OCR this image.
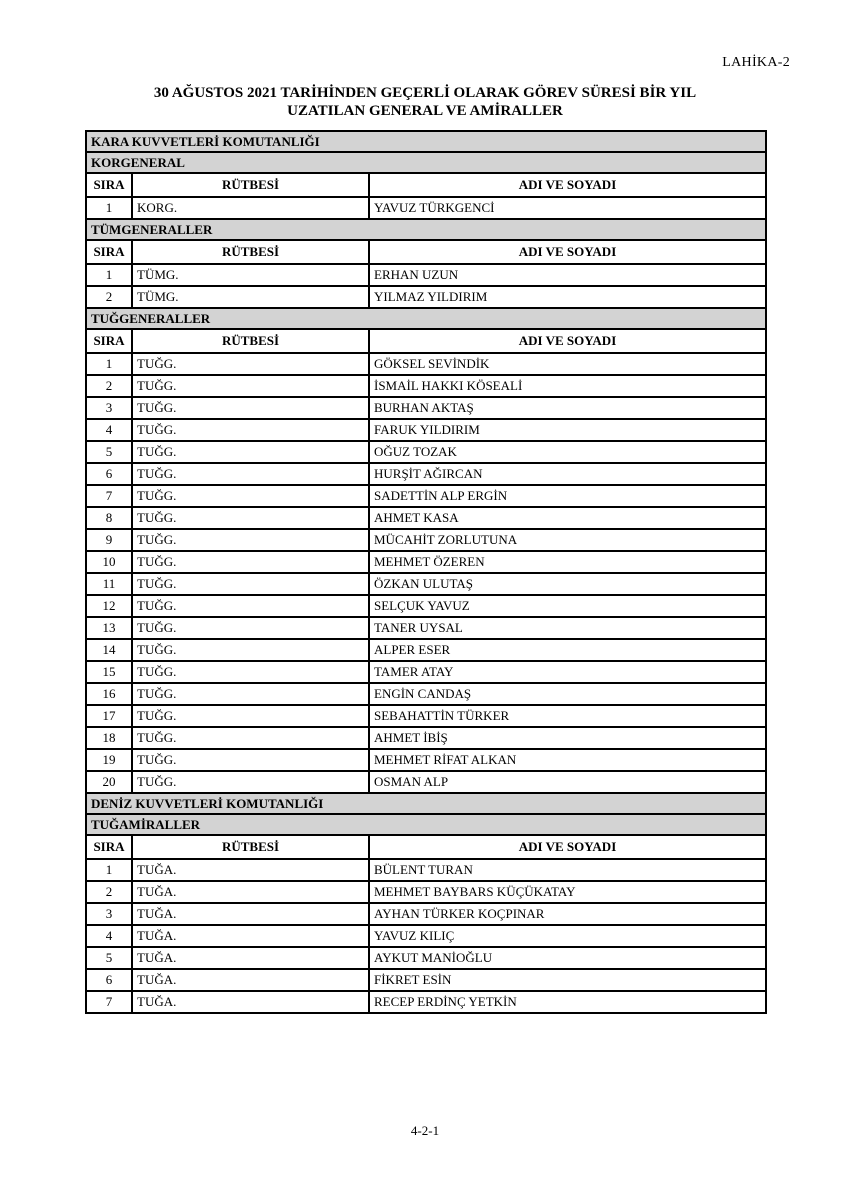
LAHİKA-2
30 AĞUSTOS 2021 TARİHİNDEN GEÇERLİ OLARAK GÖREV SÜRESİ BİR YIL
UZATILAN GENERAL VE AMİRALLER
KARA KUVVETLERİ KOMUTANLIĞI		
KORGENERAL		
SIRA	RÜTBESİ	ADI VE SOYADI
1	KORG.	YAVUZ TÜRKGENCİ
TÜMGENERALLER		
SIRA	RÜTBESİ	ADI VE SOYADI
1	TÜMG.	ERHAN UZUN
2	TÜMG.	YILMAZ YILDIRIM
TUĞGENERALLER		
SIRA	RÜTBESİ	ADI VE SOYADI
1	TUĞG.	GÖKSEL SEVİNDİK
2	TUĞG.	İSMAİL HAKKI KÖSEALİ
3	TUĞG.	BURHAN AKTAŞ
4	TUĞG.	FARUK YILDIRIM
5	TUĞG.	OĞUZ TOZAK
6	TUĞG.	HURŞİT AĞIRCAN
7	TUĞG.	SADETTİN ALP ERGİN
8	TUĞG.	AHMET KASA
9	TUĞG.	MÜCAHİT ZORLUTUNA
10	TUĞG.	MEHMET ÖZEREN
11	TUĞG.	ÖZKAN ULUTAŞ
12	TUĞG.	SELÇUK YAVUZ
13	TUĞG.	TANER UYSAL
14	TUĞG.	ALPER ESER
15	TUĞG.	TAMER ATAY
16	TUĞG.	ENGİN CANDAŞ
17	TUĞG.	SEBAHATTİN TÜRKER
18	TUĞG.	AHMET İBİŞ
19	TUĞG.	MEHMET RİFAT ALKAN
20	TUĞG.	OSMAN ALP
DENİZ KUVVETLERİ KOMUTANLIĞI		
TUĞAMİRALLER		
SIRA	RÜTBESİ	ADI VE SOYADI
1	TUĞA.	BÜLENT TURAN
2	TUĞA.	MEHMET BAYBARS KÜÇÜKATAY
3	TUĞA.	AYHAN TÜRKER KOÇPINAR
4	TUĞA.	YAVUZ KILIÇ
5	TUĞA.	AYKUT MANİOĞLU
6	TUĞA.	FİKRET ESİN
7	TUĞA.	RECEP ERDİNÇ YETKİN
4-2-1
